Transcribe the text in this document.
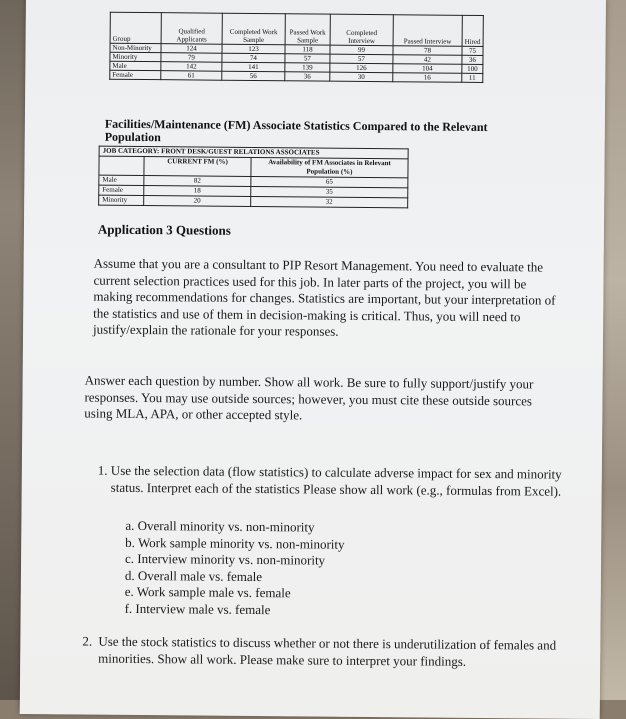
Group	Qualified Applicants	Completed Work Sample	Passed Work Sample	Completed Interview	Passed Interview	Hired
Non-Minority	124	123	118	99	78	75
Minority	79	74	57	57	42	36
Male	142	141	139	126	104	100
Female	61	56	36	30	16	11
Facilities/Maintenance (FM) Associate Statistics Compared to the Relevant Population
JOB CATEGORY: FRONT DESK/GUEST RELATIONS ASSOCIATES		
	CURRENT FM (%)	Availability of FM Associates in Relevant Population (%)
Male	82	65
Female	18	35
Minority	20	32
Application 3 Questions

Assume that you are a consultant to PIP Resort Management. You need to evaluate the current selection practices used for this job. In later parts of the project, you will be making recommendations for changes. Statistics are important, but your interpretation of the statistics and use of them in decision-making is critical. Thus, you will need to justify/explain the rationale for your responses.

Answer each question by number. Show all work. Be sure to fully support/justify your responses. You may use outside sources; however, you must cite these outside sources using MLA, APA, or other accepted style.

1. Use the selection data (flow statistics) to calculate adverse impact for sex and minority status. Interpret each of the statistics Please show all work (e.g., formulas from Excel).
a. Overall minority vs. non-minority
b. Work sample minority vs. non-minority
c. Interview minority vs. non-minority
d. Overall male vs. female
e. Work sample male vs. female
f. Interview male vs. female
2. Use the stock statistics to discuss whether or not there is underutilization of females and minorities. Show all work. Please make sure to interpret your findings.
